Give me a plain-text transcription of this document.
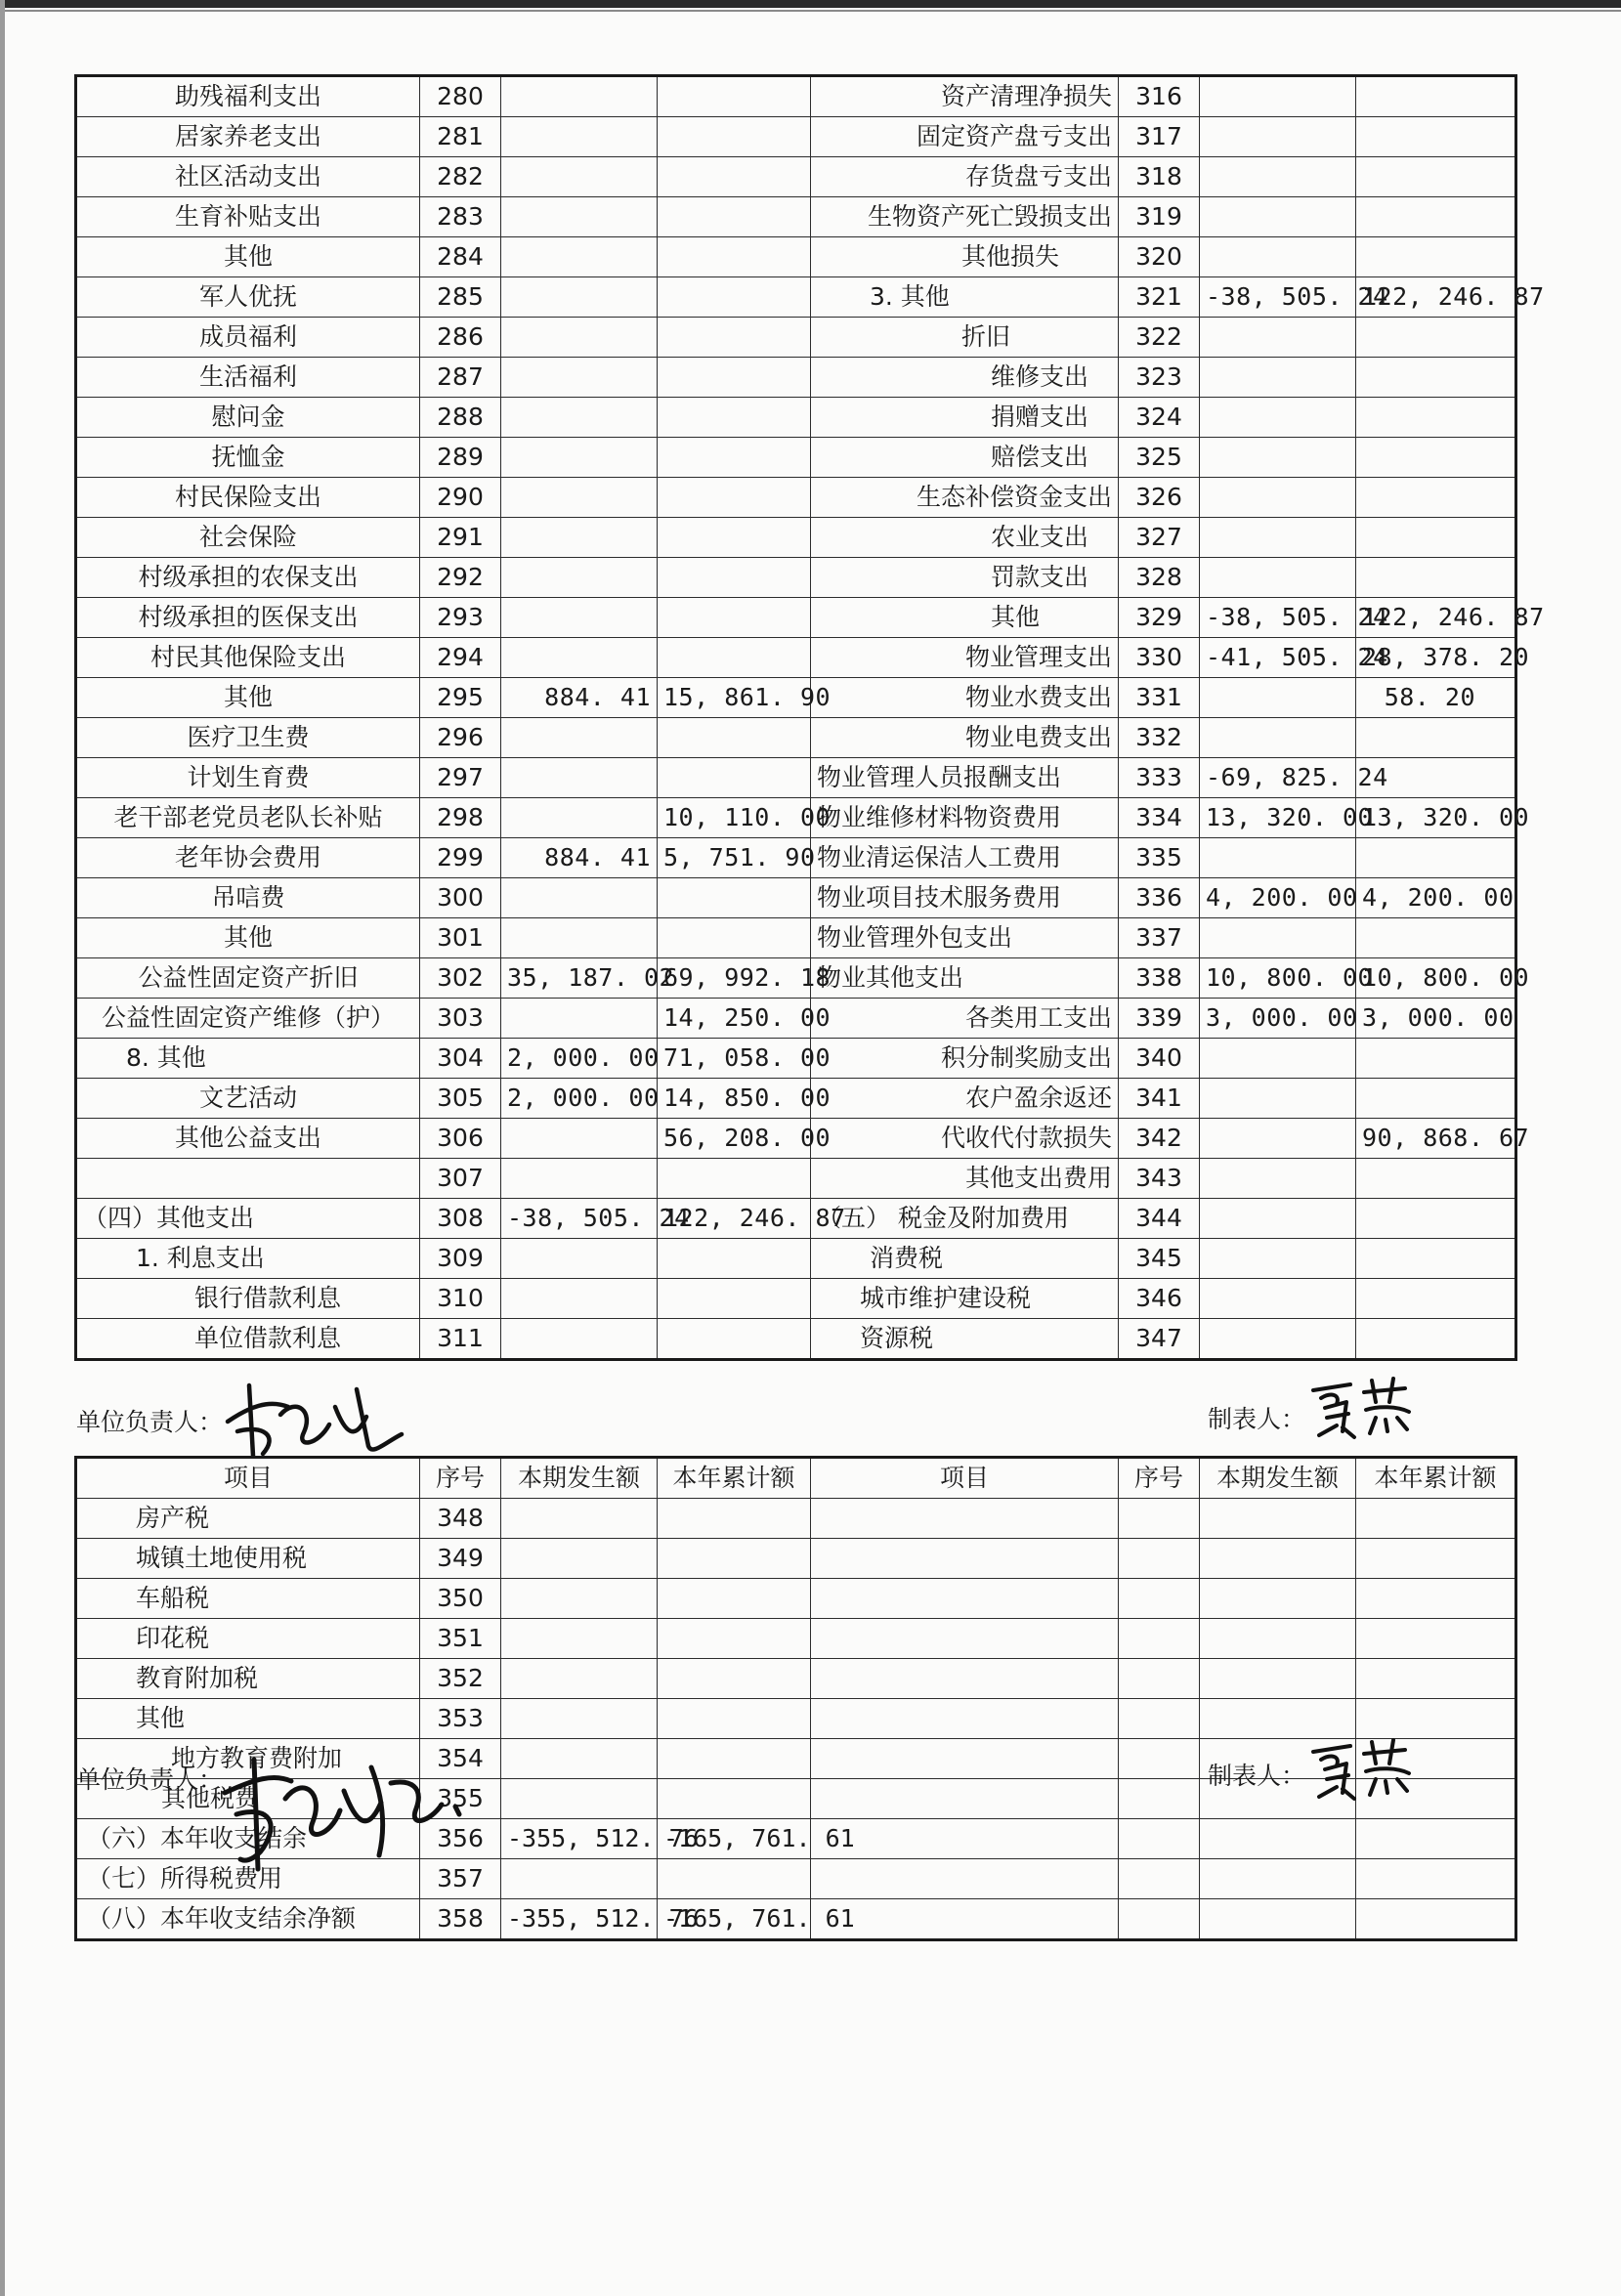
助残福利支出	280			资产清理净损失	316		
居家养老支出	281			固定资产盘亏支出	317		
社区活动支出	282			存货盘亏支出	318		
生育补贴支出	283			生物资产死亡毁损支出	319		
其他	284			其他损失	320		
军人优抚	285			3. 其他	321	-38, 505. 24	122, 246. 87
成员福利	286			折旧	322		
生活福利	287			维修支出	323		
慰问金	288			捐赠支出	324		
抚恤金	289			赔偿支出	325		
村民保险支出	290			生态补偿资金支出	326		
社会保险	291			农业支出	327		
村级承担的农保支出	292			罚款支出	328		
村级承担的医保支出	293			其他	329	-38, 505. 24	122, 246. 87
村民其他保险支出	294			物业管理支出	330	-41, 505. 24	28, 378. 20
其他	295	884. 41	15, 861. 90	物业水费支出	331		58. 20
医疗卫生费	296			物业电费支出	332		
计划生育费	297			物业管理人员报酬支出	333	-69, 825. 24	
老干部老党员老队长补贴	298		10, 110. 00	物业维修材料物资费用	334	13, 320. 00	13, 320. 00
老年协会费用	299	884. 41	5, 751. 90	物业清运保洁人工费用	335		
吊唁费	300			物业项目技术服务费用	336	4, 200. 00	4, 200. 00
其他	301			物业管理外包支出	337		
公益性固定资产折旧	302	35, 187. 02	69, 992. 18	物业其他支出	338	10, 800. 00	10, 800. 00
公益性固定资产维修（护）	303		14, 250. 00	各类用工支出	339	3, 000. 00	3, 000. 00
8. 其他	304	2, 000. 00	71, 058. 00	积分制奖励支出	340		
文艺活动	305	2, 000. 00	14, 850. 00	农户盈余返还	341		
其他公益支出	306		56, 208. 00	代收代付款损失	342		90, 868. 67
	307			其他支出费用	343		
（四）其他支出	308	-38, 505. 24	122, 246. 87	（五） 税金及附加费用	344		
1. 利息支出	309			消费税	345		
银行借款利息	310			城市维护建设税	346		
单位借款利息	311			资源税	347		
单位负责人：	制表人：
项目	序号	本期发生额	本年累计额	项目	序号	本期发生额	本年累计额
房产税	348						
城镇土地使用税	349						
车船税	350						
印花税	351						
教育附加税	352						
其他	353						
地方教育费附加	354						
其他税费	355						
（六）本年收支结余	356	-355, 512. 76	-165, 761. 61				
（七）所得税费用	357						
（八）本年收支结余净额	358	-355, 512. 76	-165, 761. 61				
单位负责人：	制表人：
